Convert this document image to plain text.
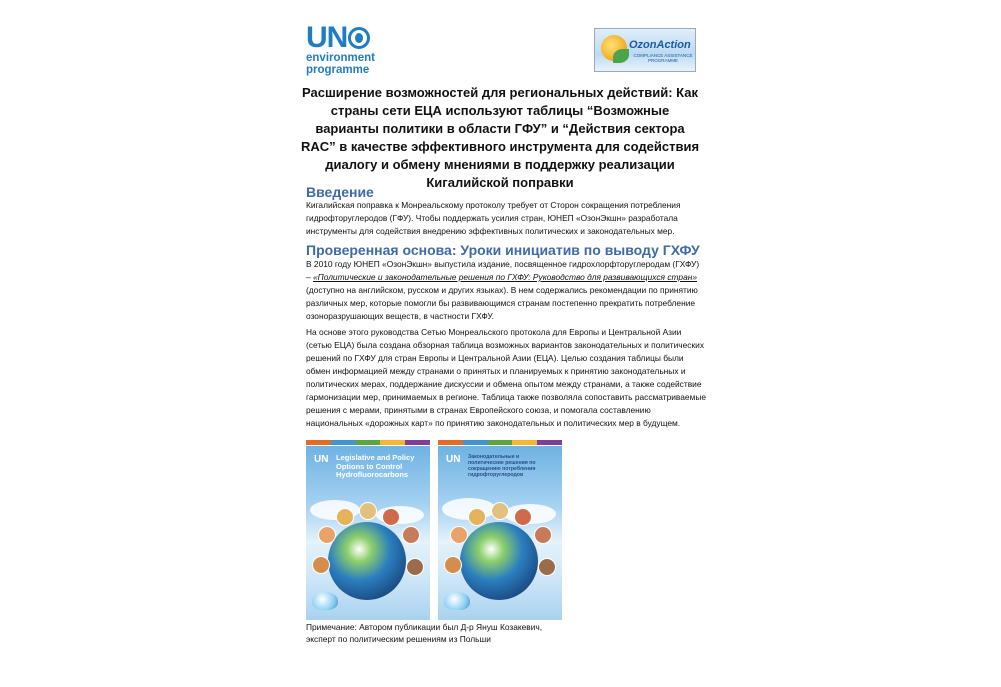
UN
environment
programme
OzonAction
COMPLIANCE ASSISTANCE PROGRAMME
Расширение возможностей для региональных действий: Как страны сети ЕЦА используют таблицы “Возможные варианты политики в области ГФУ” и “Действия сектора RAC” в качестве эффективного инструмента для содействия диалогу и обмену мнениями в поддержку реализации Кигалийской поправки
Введение
Кигалийская поправка к Монреальскому протоколу требует от Сторон сокращения потребления гидрофторуглеродов (ГФУ). Чтобы поддержать усилия стран, ЮНЕП «ОзонЭкшн» разработала инструменты для содействия внедрению эффективных политических и законодательных мер.
Проверенная основа: Уроки инициатив по выводу ГХФУ
В 2010 году ЮНЕП «ОзонЭкшн» выпустила издание, посвященное гидрохлорфторуглеродам (ГХФУ) – «Политические и законодательные решения по ГХФУ: Руководство для развивающихся стран» (доступно на английском, русском и других языках). В нем содержались рекомендации по принятию различных мер, которые помогли бы развивающимся странам постепенно прекратить потребление озоноразрушающих веществ, в частности ГХФУ.
На основе этого руководства Сетью Монреальского протокола для Европы и Центральной Азии (сетью ЕЦА) была создана обзорная таблица возможных вариантов законодательных и политических решений по ГХФУ для стран Европы и Центральной Азии (ЕЦА). Целью создания таблицы были обмен информацией между странами о принятых и планируемых к принятию законодательных и политических мерах, поддержание дискуссии и обмена опытом между странами, а также содействие гармонизации мер, принимаемых в регионе. Таблица также позволяла сопоставить рассматриваемые решения с мерами, принятыми в странах Европейского союза, и помогала составлению национальных «дорожных карт» по принятию законодательных и политических мер в будущем.
UN Legislative and Policy Options to Control Hydrofluorocarbons
UN Законодательные и политические решения по сокращению потребления гидрофторуглеродов
Примечание: Автором публикации был Д-р Януш Козакевич,
эксперт по политическим решениям из Польши
